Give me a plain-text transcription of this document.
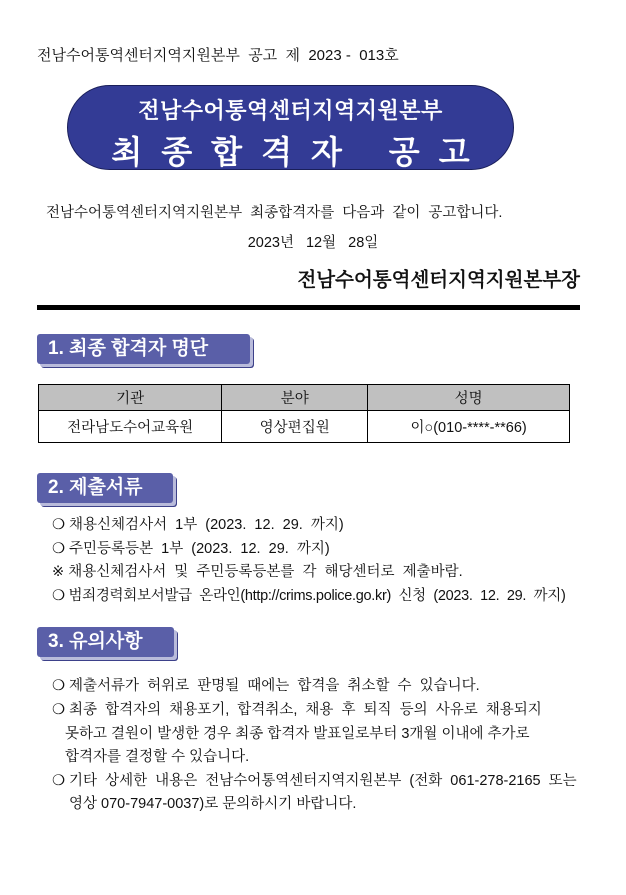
전남수어통역센터지역지원본부  공고  제  2023 -  013호
전남수어통역센터지역지원본부
최종합격자 공고
전남수어통역센터지역지원본부  최종합격자를  다음과  같이  공고합니다.
2023년 12월 28일
전남수어통역센터지역지원본부장
1. 최종 합격자 명단
기관	분야	성명
전라남도수어교육원	영상편집원	이○(010-****-**66)
2. 제출서류
❍ 채용신체검사서  1부  (2023.  12.  29.  까지)
❍ 주민등록등본  1부  (2023.  12.  29.  까지)
※ 채용신체검사서  및  주민등록등본를  각  해당센터로  제출바람.
❍ 범죄경력회보서발급  온라인(http://crims.police.go.kr)  신청  (2023.  12.  29.  까지)
3. 유의사항
❍ 제출서류가  허위로  판명될  때에는  합격을  취소할  수  있습니다.
❍ 최종  합격자의  채용포기,  합격취소,  채용  후  퇴직  등의  사유로  채용되지
못하고 결원이 발생한 경우 최종 합격자 발표일로부터 3개월 이내에 추가로
합격자를 결정할 수 있습니다.
❍ 기타  상세한  내용은  전남수어통역센터지역지원본부  (전화  061-278-2165  또는
영상 070-7947-0037)로 문의하시기 바랍니다.
